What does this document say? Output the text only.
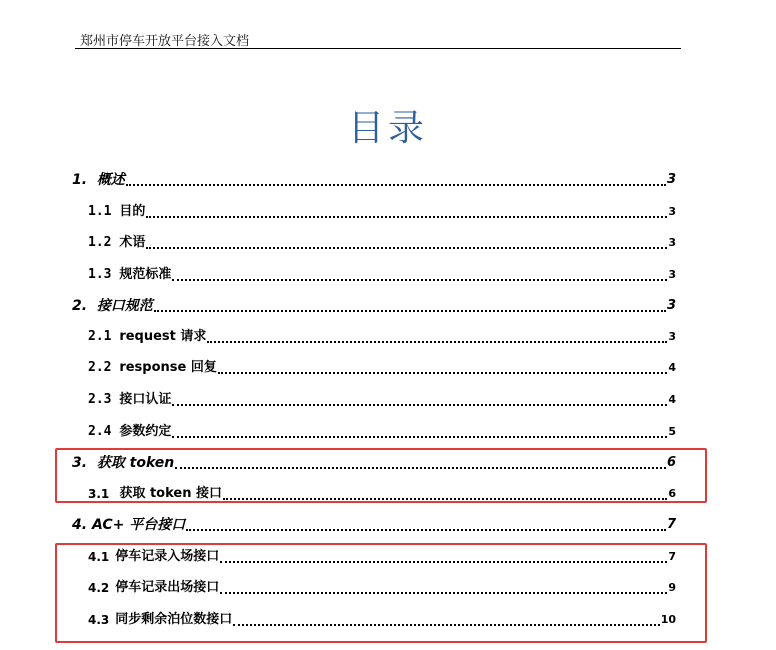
郑州市停车开放平台接入文档
目录
1. 概述	3
1.1 目的	3
1.2 术语	3
1.3 规范标准	3
2. 接口规范	3
2.1 request 请求	3
2.2 response 回复	4
2.3 接口认证	4
2.4 参数约定	5
3. 获取 token	6
3.1 获取 token 接口	6
4. AC+ 平台接口	7
4.1 停车记录入场接口	7
4.2 停车记录出场接口	9
4.3 同步剩余泊位数接口	10
